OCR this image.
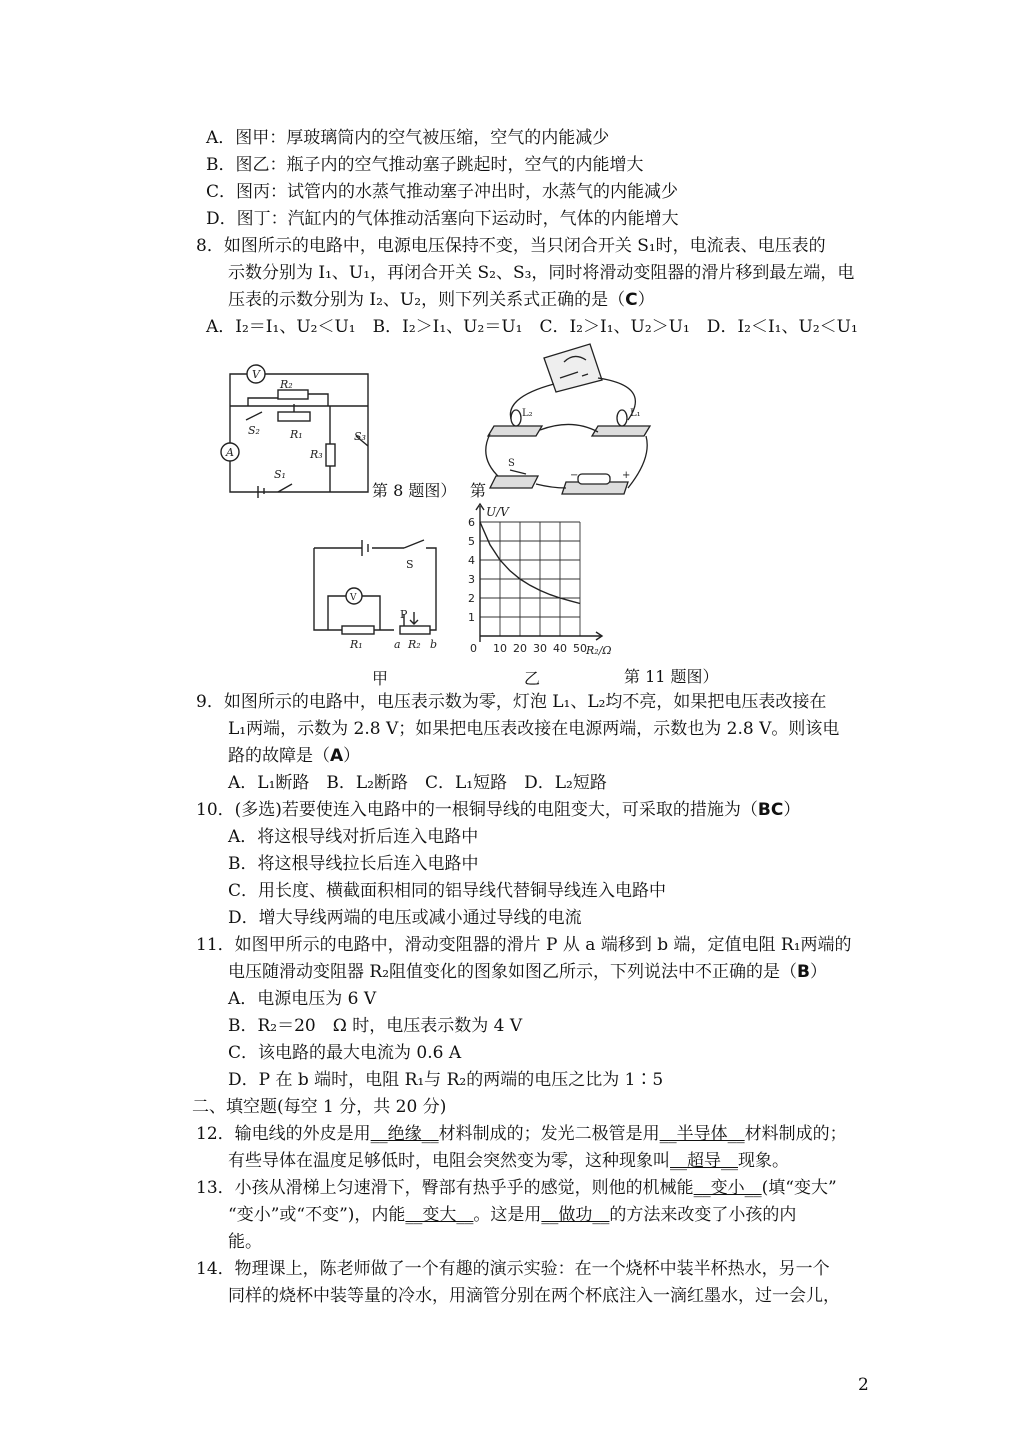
A．图甲：厚玻璃筒内的空气被压缩，空气的内能减少
B．图乙：瓶子内的空气推动塞子跳起时，空气的内能增大
C．图丙：试管内的水蒸气推动塞子冲出时，水蒸气的内能减少
D．图丁：汽缸内的气体推动活塞向下运动时，气体的内能增大
8．如图所示的电路中，电源电压保持不变，当只闭合开关 S₁时，电流表、电压表的
示数分别为 I₁、U₁，再闭合开关 S₂、S₃，同时将滑动变阻器的滑片移到最左端，电
压表的示数分别为 I₂、U₂，则下列关系式正确的是（C）
A．I₂＝I₁、U₂＜U₁　B．I₂＞I₁、U₂＝U₁　C．I₂＞I₁、U₂＞U₁　D．I₂＜I₁、U₂＜U₁
V
A
R₂
R₁
R₃
S₂
S₁
S₃
第 8 题图） 第
L₂	L₁
S
−	+
S
V
P
R₁	a R₂ b
甲
1
2
3
4
5
6
0 10 20 30 40 50
U/V
R₂/Ω
乙	第 11 题图）
9．如图所示的电路中，电压表示数为零，灯泡 L₁、L₂均不亮，如果把电压表改接在
L₁两端，示数为 2.8 V；如果把电压表改接在电源两端，示数也为 2.8 V。则该电
路的故障是（A）
A．L₁断路　B．L₂断路　C．L₁短路　D．L₂短路
10．(多选)若要使连入电路中的一根铜导线的电阻变大，可采取的措施为（BC）
A．将这根导线对折后连入电路中
B．将这根导线拉长后连入电路中
C．用长度、横截面积相同的铝导线代替铜导线连入电路中
D．增大导线两端的电压或减小通过导线的电流
11．如图甲所示的电路中，滑动变阻器的滑片 P 从 a 端移到 b 端，定值电阻 R₁两端的
电压随滑动变阻器 R₂阻值变化的图象如图乙所示，下列说法中不正确的是（B）
A．电源电压为 6 V
B．R₂＝20　Ω 时，电压表示数为 4 V
C．该电路的最大电流为 0.6 A
D．P 在 b 端时，电阻 R₁与 R₂的两端的电压之比为 1∶5
二、填空题(每空 1 分，共 20 分)
12．输电线的外皮是用__绝缘__材料制成的；发光二极管是用__半导体__材料制成的；
有些导体在温度足够低时，电阻会突然变为零，这种现象叫__超导__现象。
13．小孩从滑梯上匀速滑下，臀部有热乎乎的感觉，则他的机械能__变小__(填“变大”
“变小”或“不变”)，内能__变大__。这是用__做功__的方法来改变了小孩的内
能。
14．物理课上，陈老师做了一个有趣的演示实验：在一个烧杯中装半杯热水，另一个
同样的烧杯中装等量的冷水，用滴管分别在两个杯底注入一滴红墨水，过一会儿，
2
